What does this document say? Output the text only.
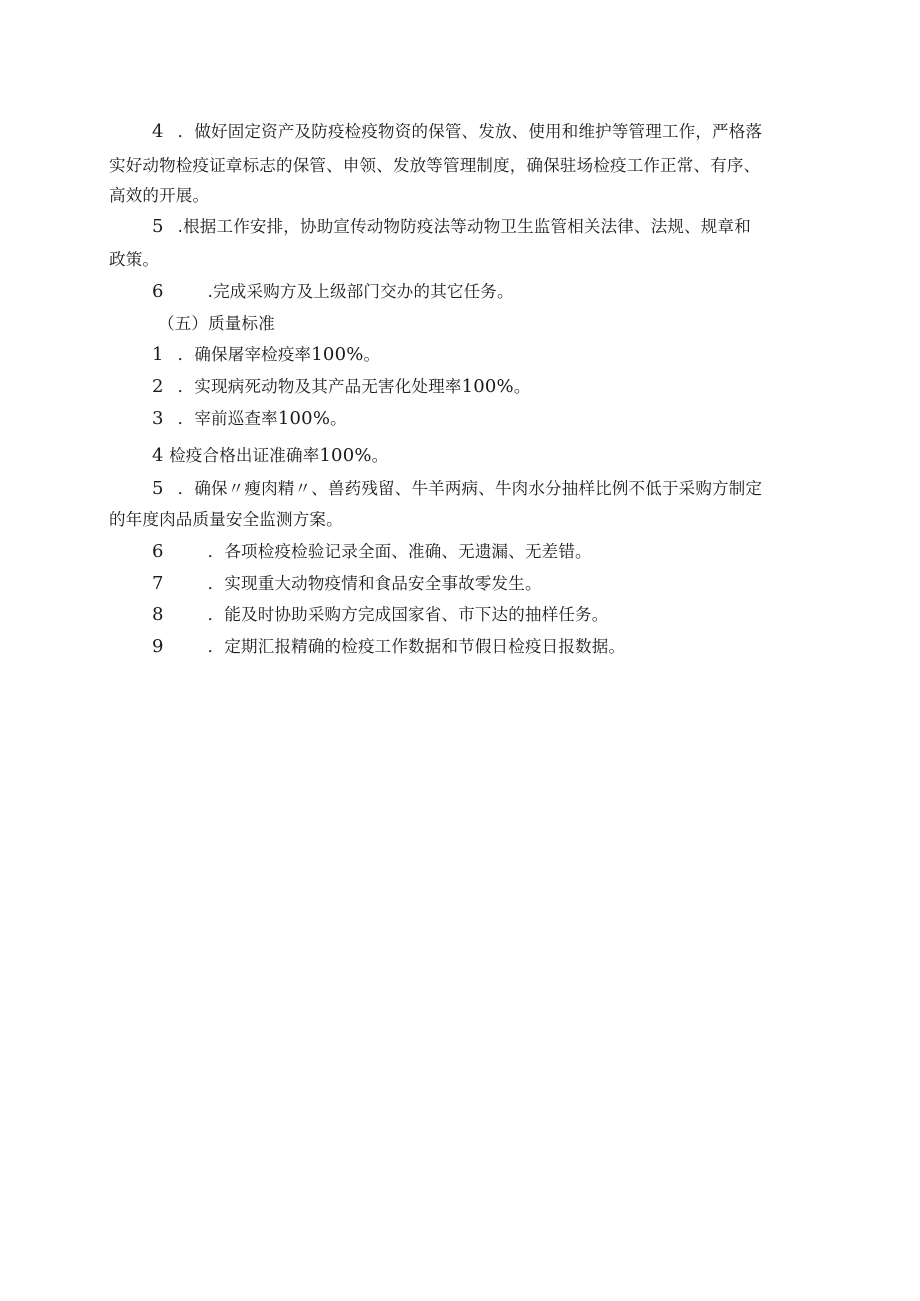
4 ．做好固定资产及防疫检疫物资的保管、发放、使用和维护等管理工作，严格落
实好动物检疫证章标志的保管、申领、发放等管理制度，确保驻场检疫工作正常、有序、
高效的开展。
5 .根据工作安排，协助宣传动物防疫法等动物卫生监管相关法律、法规、规章和
政策。
6	.完成采购方及上级部门交办的其它任务。
（五）质量标准
1 ．确保屠宰检疫率100%。
2 ．实现病死动物及其产品无害化处理率100%。
3 ．宰前巡查率100%。
4 检疫合格出证准确率100%。
5 ．确保〃瘦肉精〃、兽药残留、牛羊两病、牛肉水分抽样比例不低于采购方制定
的年度肉品质量安全监测方案。
6	．各项检疫检验记录全面、准确、无遗漏、无差错。
7	．实现重大动物疫情和食品安全事故零发生。
8	．能及时协助采购方完成国家省、市下达的抽样任务。
9	．定期汇报精确的检疫工作数据和节假日检疫日报数据。
